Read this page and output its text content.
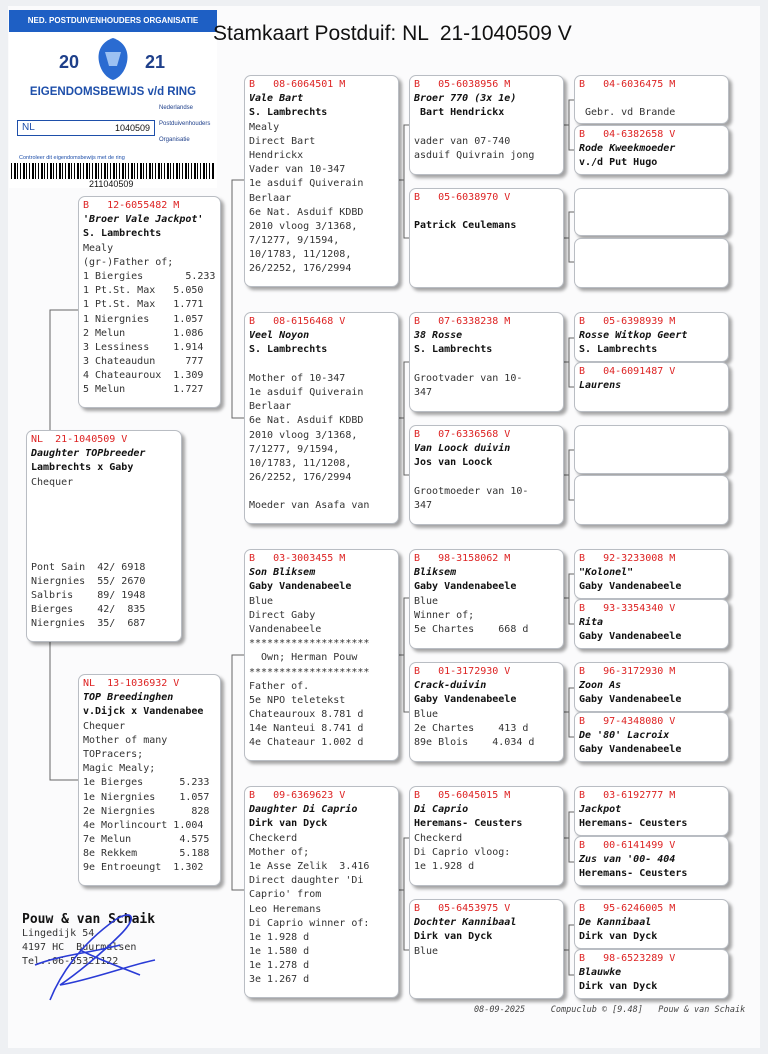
NED. POSTDUIVENHOUDERS ORGANISATIE
20	21
EIGENDOMSBEWIJS v/d RING
NL	1040509
Nederlandse
Postduivenhouders
Organisatie
Controleer dit eigendomsbewijs met de ring
211040509
Stamkaart Postduif: NL  21-1040509 V
NL  21-1040509 V
Daughter TOPbreeder
Lambrechts x Gaby
Chequer
Pont Sain  42/ 6918
Niergnies  55/ 2670
Salbris    89/ 1948
Bierges    42/  835
Niergnies  35/  687
B   12-6055482 M
'Broer Vale Jackpot'
S. Lambrechts
Mealy
(gr-)Father of;
1 Biergies       5.233
1 Pt.St. Max   5.050
1 Pt.St. Max   1.771
1 Niergnies    1.057
2 Melun        1.086
3 Lessiness    1.914
3 Chateaudun     777
4 Chateauroux  1.309
5 Melun        1.727
NL  13-1036932 V
TOP Breedinghen
v.Dijck x Vandenabee
Chequer
Mother of many
TOPracers;
Magic Mealy;
1e Bierges      5.233
1e Niergnies    1.057
2e Niergnies      828
4e Morlincourt 1.004
7e Melun        4.575
8e Rekkem       5.188
9e Entroeungt  1.302
B   08-6064501 M
Vale Bart
S. Lambrechts
Mealy
Direct Bart
Hendrickx
Vader van 10-347
1e asduif Quiverain
Berlaar
6e Nat. Asduif KDBD
2010 vloog 3/1368,
7/1277, 9/1594,
10/1783, 11/1208,
26/2252, 176/2994
B   08-6156468 V
Veel Noyon
S. Lambrechts
Mother of 10-347
1e asduif Quiverain
Berlaar
6e Nat. Asduif KDBD
2010 vloog 3/1368,
7/1277, 9/1594,
10/1783, 11/1208,
26/2252, 176/2994
Moeder van Asafa van
B   03-3003455 M
Son Bliksem
Gaby Vandenabeele
Blue
Direct Gaby
Vandenabeele
********************
Own; Herman Pouw
********************
Father of.
5e NPO teletekst
Chateauroux 8.781 d
14e Nanteui 8.741 d
4e Chateaur 1.002 d
B   09-6369623 V
Daughter Di Caprio
Dirk van Dyck
Checkerd
Mother of;
1e Asse Zelik  3.416
Direct daughter 'Di
Caprio' from
Leo Heremans
Di Caprio winner of:
1e 1.928 d
1e 1.580 d
1e 1.278 d
3e 1.267 d
B   05-6038956 M
Broer 770 (3x 1e)
Bart Hendrickx
vader van 07-740
asduif Quivrain jong
B   05-6038970 V
Patrick Ceulemans
B   07-6338238 M
38 Rosse
S. Lambrechts
Grootvader van 10-
347
B   07-6336568 V
Van Loock duivin
Jos van Loock
Grootmoeder van 10-
347
B   98-3158062 M
Bliksem
Gaby Vandenabeele
Blue
Winner of;
5e Chartes    668 d
B   01-3172930 V
Crack-duivin
Gaby Vandenabeele
Blue
2e Chartes    413 d
89e Blois    4.034 d
B   05-6045015 M
Di Caprio
Heremans- Ceusters
Checkerd
Di Caprio vloog:
1e 1.928 d
B   05-6453975 V
Dochter Kannibaal
Dirk van Dyck
Blue
B   04-6036475 M
Gebr. vd Brande
B   04-6382658 V
Rode Kweekmoeder
v./d Put Hugo
B   05-6398939 M
Rosse Witkop Geert
S. Lambrechts
B   04-6091487 V
Laurens
B   92-3233008 M
"Kolonel"
Gaby Vandenabeele
B   93-3354340 V
Rita
Gaby Vandenabeele
B   96-3172930 M
Zoon As
Gaby Vandenabeele
B   97-4348080 V
De '80' Lacroix
Gaby Vandenabeele
B   03-6192777 M
Jackpot
Heremans- Ceusters
B   00-6141499 V
Zus van '00- 404
Heremans- Ceusters
B   95-6246005 M
De Kannibaal
Dirk van Dyck
B   98-6523289 V
Blauwke
Dirk van Dyck
Pouw & van Schaik
Lingedijk 54
4197 HC  Buurmalsen
Tel.:06-55321122
08-09-2025     Compuclub © [9.48]   Pouw & van Schaik
